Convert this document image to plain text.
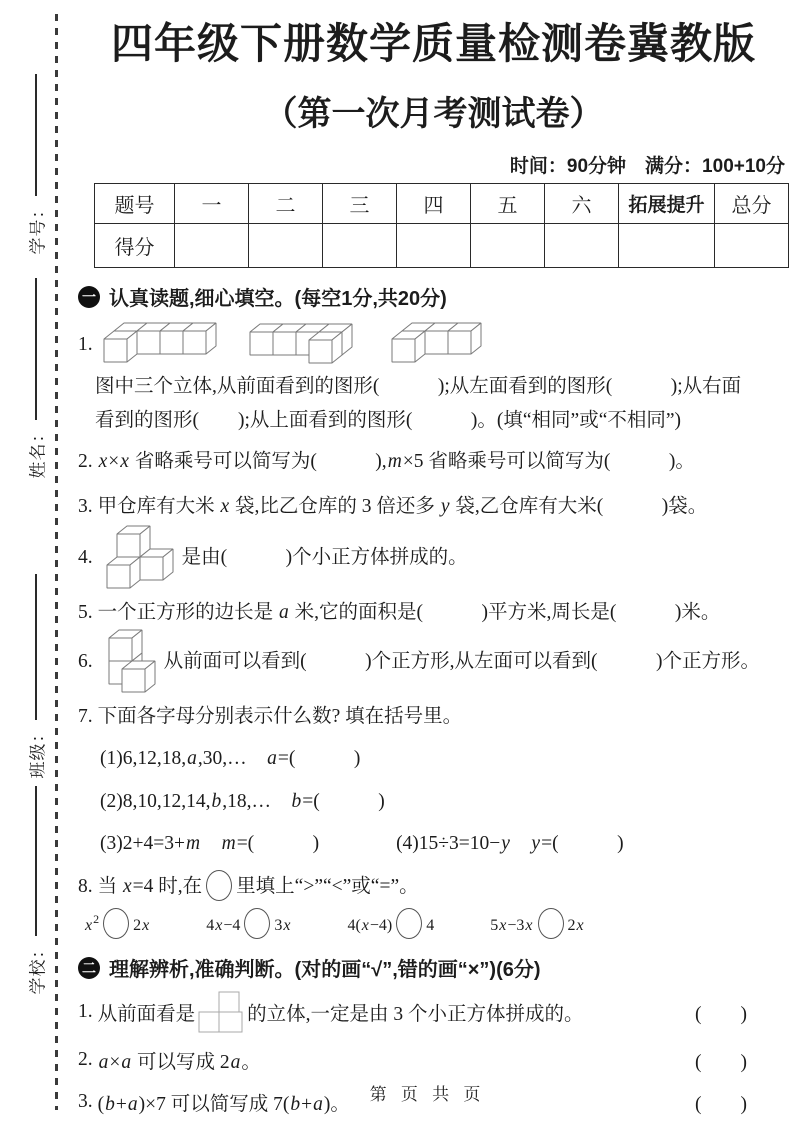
学号：
姓名：
班级：
学校：
四年级下册数学质量检测卷冀教版
（第一次月考测试卷）
时间：90分钟　满分：100+10分
题号	一	二	三	四	五	六	拓展提升	总分
得分								
一 认真读题,细心填空。(每空1分,共20分)
1.
图中三个立体,从前面看到的图形(　　　);从左面看到的图形(　　　);从右面
看到的图形(　　);从上面看到的图形(　　　)。(填“相同”或“不相同”)
2. x×x 省略乘号可以简写为(　　　),m×5 省略乘号可以简写为(　　　)。
3. 甲仓库有大米 x 袋,比乙仓库的 3 倍还多 y 袋,乙仓库有大米(　　　)袋。
4.	是由(　　　)个小正方体拼成的。
5. 一个正方形的边长是 a 米,它的面积是(　　　)平方米,周长是(　　　)米。
6.	从前面可以看到(　　　)个正方形,从左面可以看到(　　　)个正方形。
7. 下面各字母分别表示什么数? 填在括号里。
(1)6,12,18,a,30,…　a=(　　　)
(2)8,10,12,14,b,18,…　b=(　　　)
(3)2+4=3+m　 m=(　　　)	(4)15÷3=10−y　 y=(　　　)
8. 当 x=4 时,在 里填上“>”“<”或“=”。
$x^2$ 2x	4x−4 3x	4(x−4) 4	5x−3x 2x
二 理解辨析,准确判断。(对的画“√”,错的画“×”)(6分)
1. 从前面看是	的立体,一定是由 3 个小正方体拼成的。	(　　)
2. a×a 可以写成 2a。	(　　)
3. (b+a)×7 可以简写成 7(b+a)。	(　　)
第 页 共 页
